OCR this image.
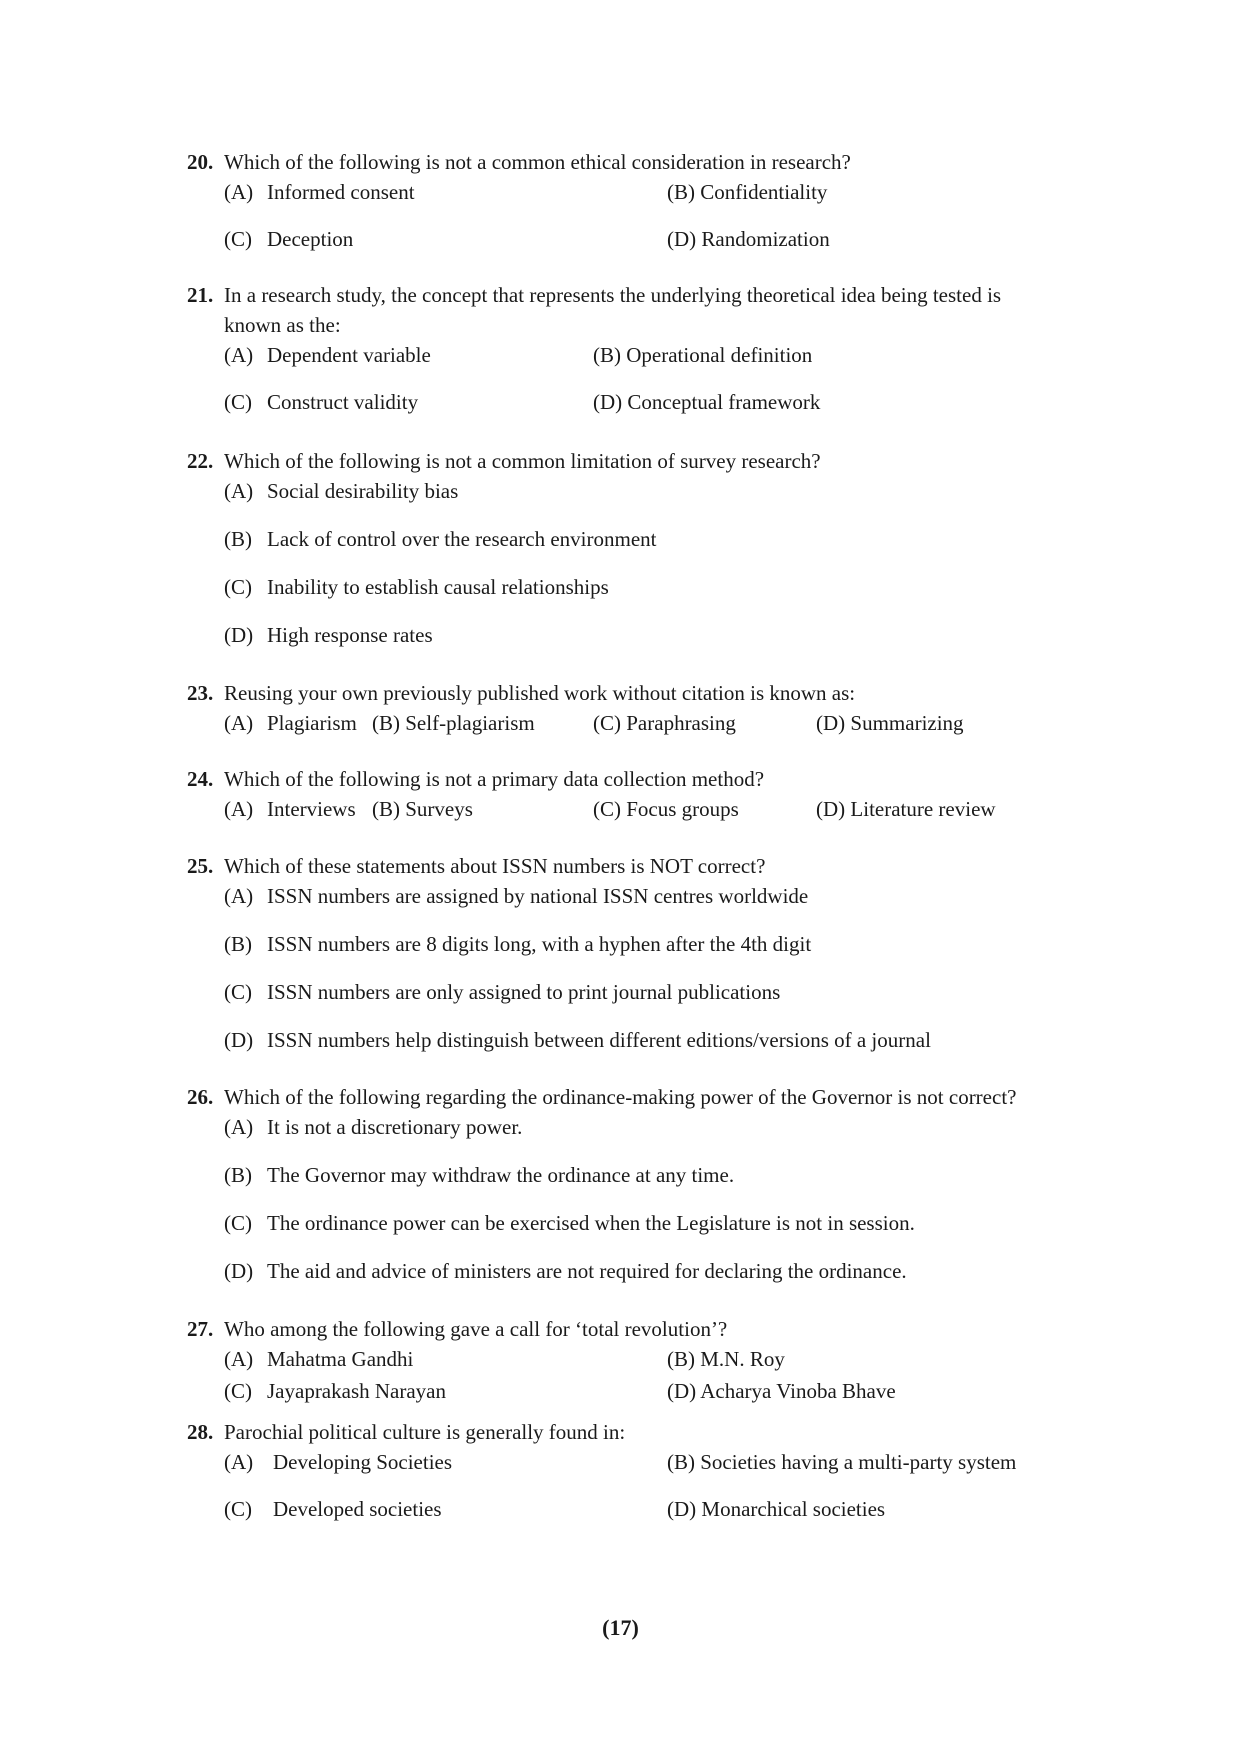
20. Which of the following is not a common ethical consideration in research?
(A) Informed consent	(B) Confidentiality
(C) Deception	(D) Randomization
21. In a research study, the concept that represents the underlying theoretical idea being tested is
known as the:
(A) Dependent variable	(B) Operational definition
(C) Construct validity	(D) Conceptual framework
22. Which of the following is not a common limitation of survey research?
(A) Social desirability bias
(B) Lack of control over the research environment
(C) Inability to establish causal relationships
(D) High response rates
23. Reusing your own previously published work without citation is known as:
(A) Plagiarism (B) Self-plagiarism	(C) Paraphrasing	(D) Summarizing
24. Which of the following is not a primary data collection method?
(A) Interviews (B) Surveys	(C) Focus groups	(D) Literature review
25. Which of these statements about ISSN numbers is NOT correct?
(A) ISSN numbers are assigned by national ISSN centres worldwide
(B) ISSN numbers are 8 digits long, with a hyphen after the 4th digit
(C) ISSN numbers are only assigned to print journal publications
(D) ISSN numbers help distinguish between different editions/versions of a journal
26. Which of the following regarding the ordinance-making power of the Governor is not correct?
(A) It is not a discretionary power.
(B) The Governor may withdraw the ordinance at any time.
(C) The ordinance power can be exercised when the Legislature is not in session.
(D) The aid and advice of ministers are not required for declaring the ordinance.
27. Who among the following gave a call for ‘total revolution’?
(A) Mahatma Gandhi	(B) M.N. Roy
(C) Jayaprakash Narayan	(D) Acharya Vinoba Bhave
28. Parochial political culture is generally found in:
(A) Developing Societies	(B) Societies having a multi-party system
(C) Developed societies	(D) Monarchical societies
(17)
